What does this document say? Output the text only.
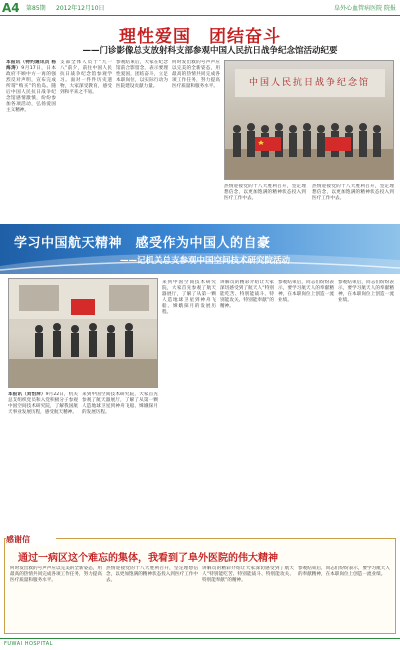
A4 第85期 2012年12月10日	阜外心血管病医院 院报
理性爱国　团结奋斗
——门诊影像总支放射科支部参观中国人民抗日战争纪念馆活动纪要
本报讯（特约通讯员 杨海涛）9月17日，日本政府不顾中方一再的强烈反对声明，宣布完成所谓“购买”钓鱼岛。随后中国人民抗日战争纪念馆感情激愤，纷纷参加各项活动，弘扬爱国主义精神。
支部全体人员于“九一八”前夕，前往中国人民抗日战争纪念馆参观学习。面对一件件历史遗物，大家深受教育，感受到和平来之不易。
参观结束后，大家在纪念馆前合影留念，表示要理性爱国，团结奋斗，立足本职岗位，以实际行动为医院建设贡献力量。
何时发出救的号声声应以完美的全新姿态，用最高的热情共同完成各项工作任务，努力提高医疗质量和服务水平。	中国人民抗日战争纪念馆
热情迎接党的十八大胜利召开，坚定理想信念，以更加饱满的精神状态投入到医疗工作中去。
热情迎接党的十八大胜利召开，坚定理想信念，以更加饱满的精神状态投入到医疗工作中去。
学习中国航天精神　感受作为中国人的自豪
——记机关总支参观中国空间技术研究院活动
来到中国空间技术研究院，大家首先参观了航天器展厅，了解了从第一颗人造地球卫星到神舟飞船、嫦娥探月的发展历程。
讲解员的精彩介绍让大家深切感受到了航天人“特别能吃苦、特别能战斗、特别能攻关、特别能奉献”的精神。
参观结束后，同志们纷纷表示，要学习航天人的奉献精神，在本职岗位上创造一流业绩。
参观结束后，同志们纷纷表示，要学习航天人的奉献精神，在本职岗位上创造一流业绩。
本报讯（刘怡萍）9月22日，机关总支组织党员和入党积极分子参观中国空间技术研究院，了解我国航天事业发展历程，感受航天精神。
来到中国空间技术研究院，大家首先参观了航天器展厅，了解了从第一颗人造地球卫星到神舟飞船、嫦娥探月的发展历程。
感谢信
通过一病区这个难忘的集体，我看到了阜外医院的伟大精神
何时发出救的号声声应以完美的全新姿态，用最高的热情共同完成各项工作任务，努力提高医疗质量和服务水平。
热情迎接党的十八大胜利召开，坚定理想信念，以更加饱满的精神状态投入到医疗工作中去。
讲解员的精彩介绍让大家深切感受到了航天人“特别能吃苦、特别能战斗、特别能攻关、特别能奉献”的精神。
参观结束后，同志们纷纷表示，要学习航天人的奉献精神，在本职岗位上创造一流业绩。
FUWAI HOSPITAL
